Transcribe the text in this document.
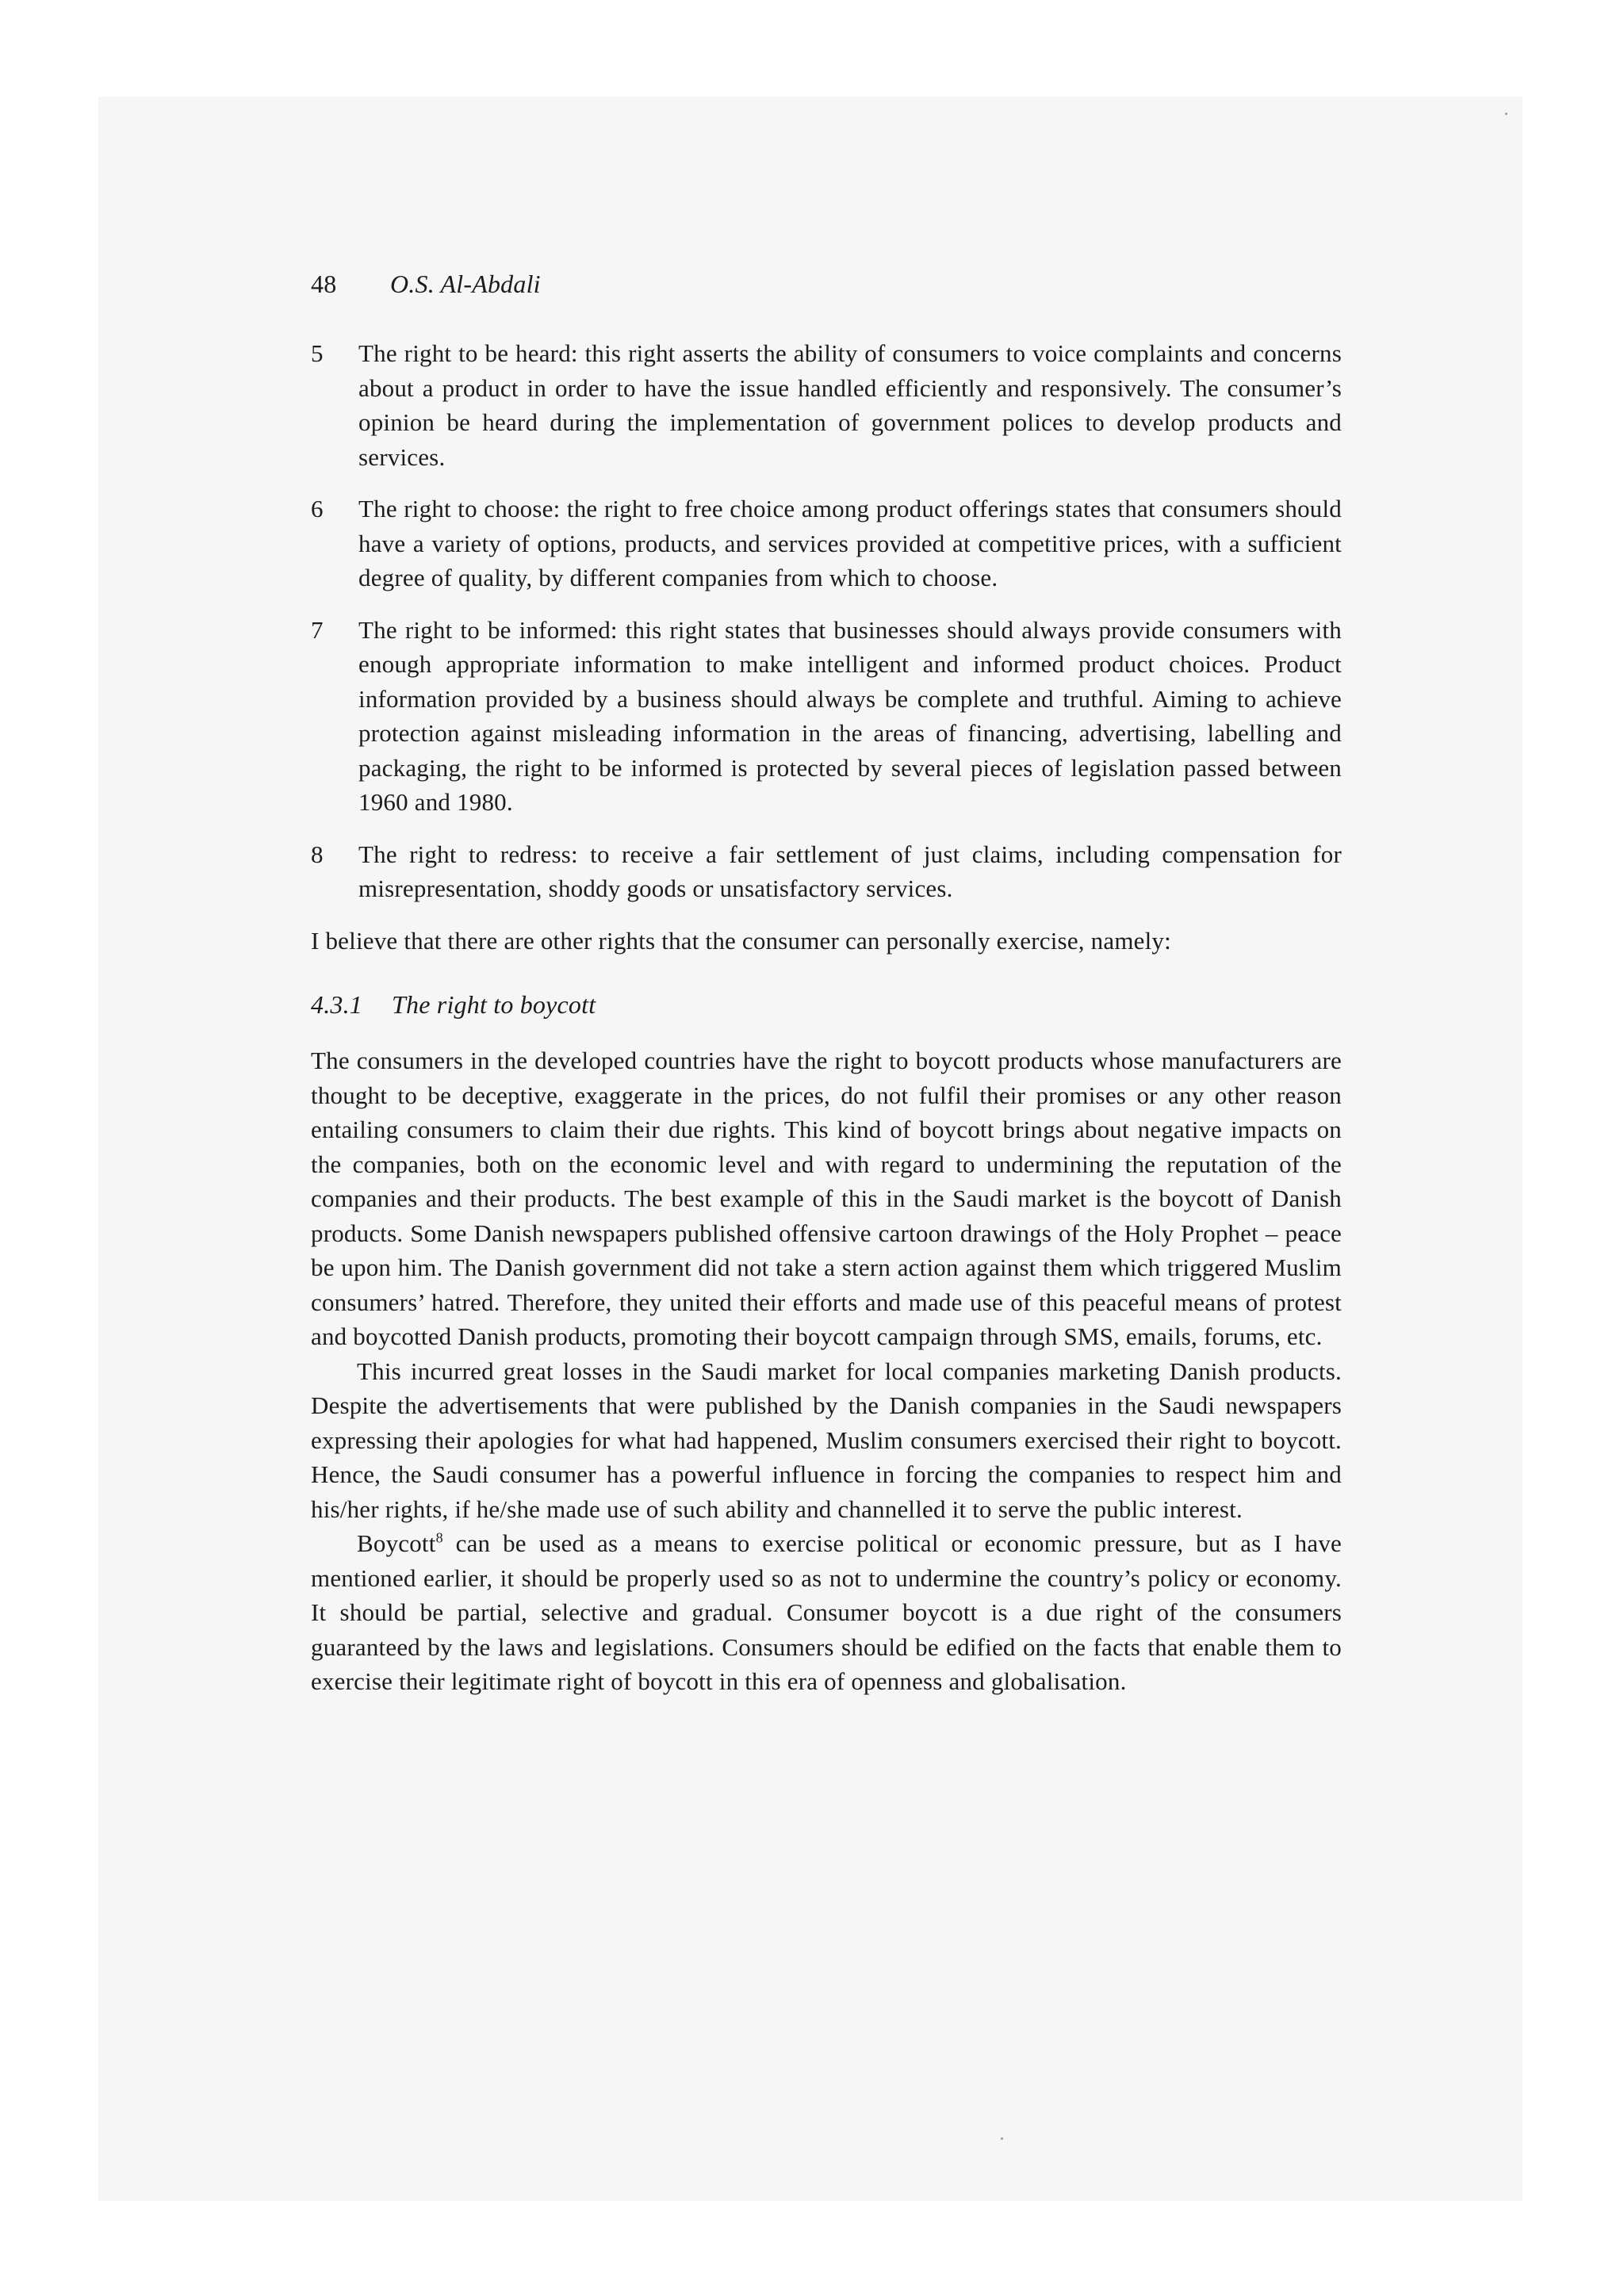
48 O.S. Al-Abdali
5	The right to be heard: this right asserts the ability of consumers to voice complaints and concerns about a product in order to have the issue handled efficiently and responsively. The consumer’s opinion be heard during the implementation of government polices to develop products and services.
6	The right to choose: the right to free choice among product offerings states that consumers should have a variety of options, products, and services provided at competitive prices, with a sufficient degree of quality, by different companies from which to choose.
7	The right to be informed: this right states that businesses should always provide consumers with enough appropriate information to make intelligent and informed product choices. Product information provided by a business should always be complete and truthful. Aiming to achieve protection against misleading information in the areas of financing, advertising, labelling and packaging, the right to be informed is protected by several pieces of legislation passed between 1960 and 1980.
8	The right to redress: to receive a fair settlement of just claims, including compensation for misrepresentation, shoddy goods or unsatisfactory services.

I believe that there are other rights that the consumer can personally exercise, namely:

4.3.1 The right to boycott

The consumers in the developed countries have the right to boycott products whose manufacturers are thought to be deceptive, exaggerate in the prices, do not fulfil their promises or any other reason entailing consumers to claim their due rights. This kind of boycott brings about negative impacts on the companies, both on the economic level and with regard to undermining the reputation of the companies and their products. The best example of this in the Saudi market is the boycott of Danish products. Some Danish newspapers published offensive cartoon drawings of the Holy Prophet – peace be upon him. The Danish government did not take a stern action against them which triggered Muslim consumers’ hatred. Therefore, they united their efforts and made use of this peaceful means of protest and boycotted Danish products, promoting their boycott campaign through SMS, emails, forums, etc.

This incurred great losses in the Saudi market for local companies marketing Danish products. Despite the advertisements that were published by the Danish companies in the Saudi newspapers expressing their apologies for what had happened, Muslim consumers exercised their right to boycott. Hence, the Saudi consumer has a powerful influence in forcing the companies to respect him and his/her rights, if he/she made use of such ability and channelled it to serve the public interest.

Boycott$^8$ can be used as a means to exercise political or economic pressure, but as I have mentioned earlier, it should be properly used so as not to undermine the country’s policy or economy. It should be partial, selective and gradual. Consumer boycott is a due right of the consumers guaranteed by the laws and legislations. Consumers should be edified on the facts that enable them to exercise their legitimate right of boycott in this era of openness and globalisation.
